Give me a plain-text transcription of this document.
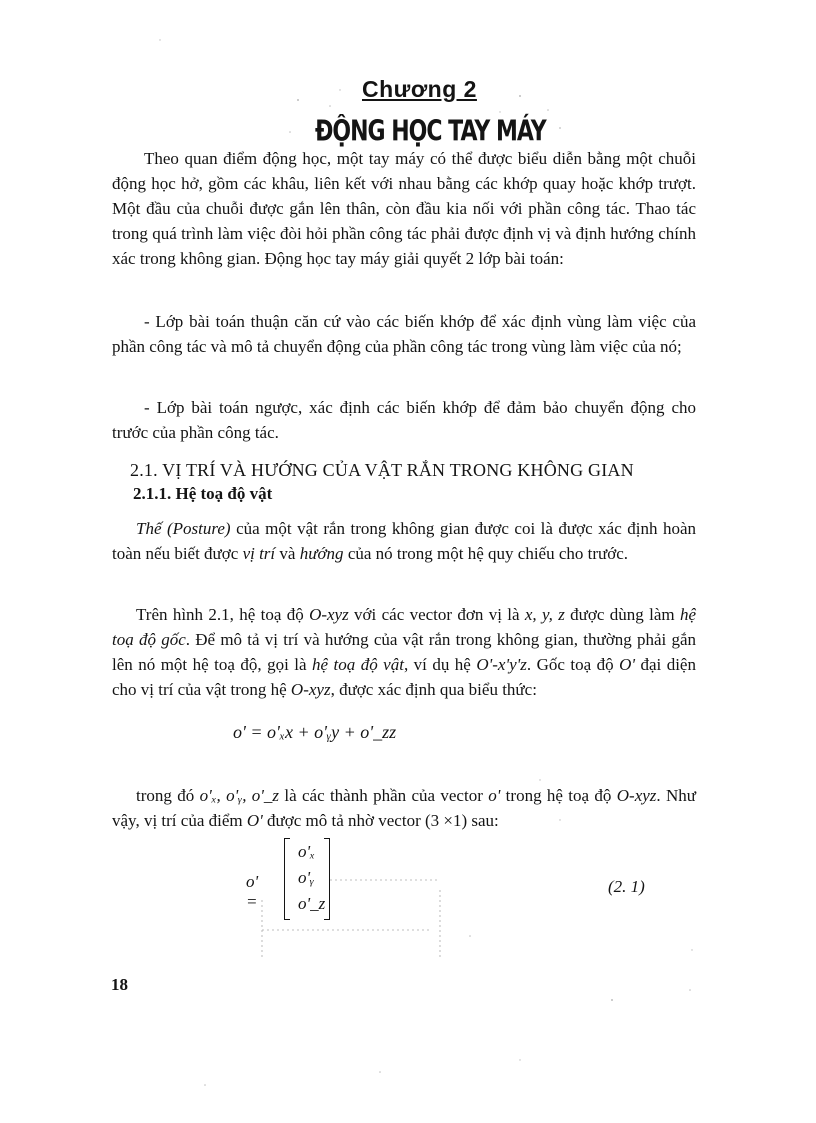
Chương 2
ĐỘNG HỌC TAY MÁY

Theo quan điểm động học, một tay máy có thể được biểu diễn bằng một chuỗi động học hở, gồm các khâu, liên kết với nhau bằng các khớp quay hoặc khớp trượt. Một đầu của chuỗi được gắn lên thân, còn đầu kia nối với phần công tác. Thao tác trong quá trình làm việc đòi hỏi phần công tác phải được định vị và định hướng chính xác trong không gian. Động học tay máy giải quyết 2 lớp bài toán:

- Lớp bài toán thuận căn cứ vào các biến khớp để xác định vùng làm việc của phần công tác và mô tả chuyển động của phần công tác trong vùng làm việc của nó;

- Lớp bài toán ngược, xác định các biến khớp để đảm bảo chuyển động cho trước của phần công tác.

2.1. VỊ TRÍ VÀ HƯỚNG CỦA VẬT RẮN TRONG KHÔNG GIAN
2.1.1. Hệ toạ độ vật

Thế (Posture) của một vật rắn trong không gian được coi là được xác định hoàn toàn nếu biết được vị trí và hướng của nó trong một hệ quy chiếu cho trước.

Trên hình 2.1, hệ toạ độ O-xyz với các vector đơn vị là x, y, z được dùng làm hệ toạ độ gốc. Để mô tả vị trí và hướng của vật rắn trong không gian, thường phải gắn lên nó một hệ toạ độ, gọi là hệ toạ độ vật, ví dụ hệ O'-x'y'z. Gốc toạ độ O' đại diện cho vị trí của vật trong hệ O-xyz, được xác định qua biểu thức:

o' = o'ₓx + o'ᵧy + o'_zz

trong đó o'ₓ, o'ᵧ, o'_z là các thành phần của vector o' trong hệ toạ độ O-xyz. Như vậy, vị trí của điểm O' được mô tả nhờ vector (3 ×1) sau:

o' =
o'ₓ
o'ᵧ
o'_z
(2. 1)
18
